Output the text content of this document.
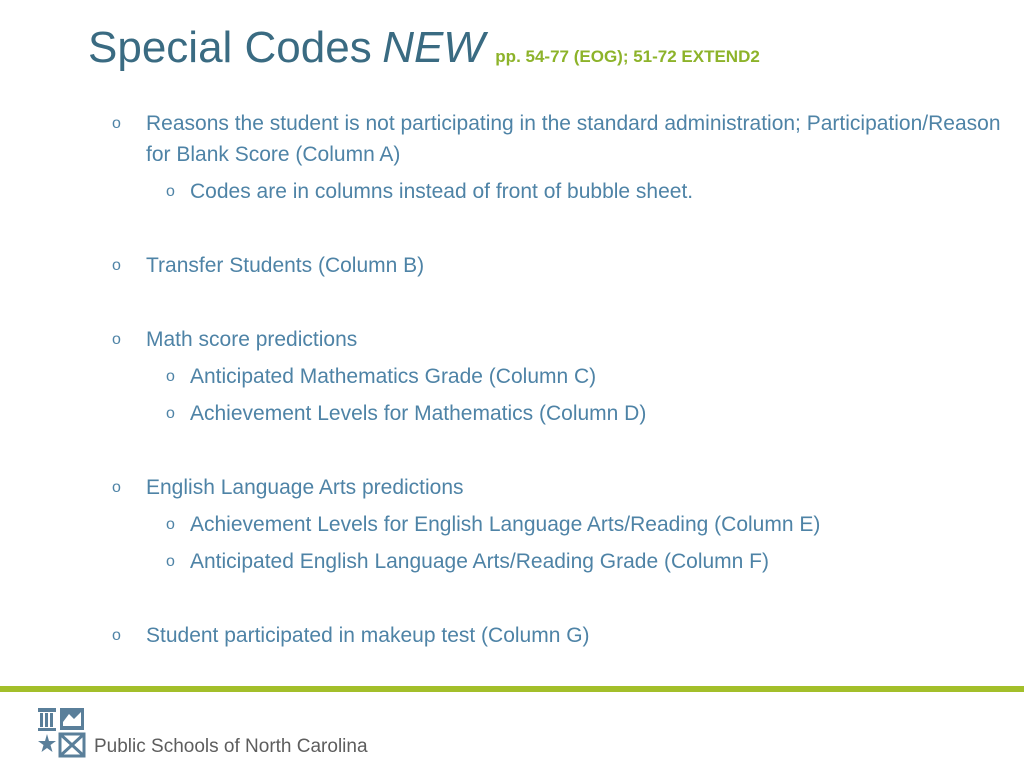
Special Codes NEW pp. 54-77 (EOG); 51-72 EXTEND2
o Reasons the student is not participating in the standard administration; Participation/Reason for Blank Score (Column A)
o Codes are in columns instead of front of bubble sheet.
o Transfer Students (Column B)
o Math score predictions
o Anticipated Mathematics Grade (Column C)
o Achievement Levels for Mathematics (Column D)
o English Language Arts predictions
o Achievement Levels for English Language Arts/Reading (Column E)
o Anticipated English Language Arts/Reading Grade (Column F)
o Student participated in makeup test (Column G)
Public Schools of North Carolina
